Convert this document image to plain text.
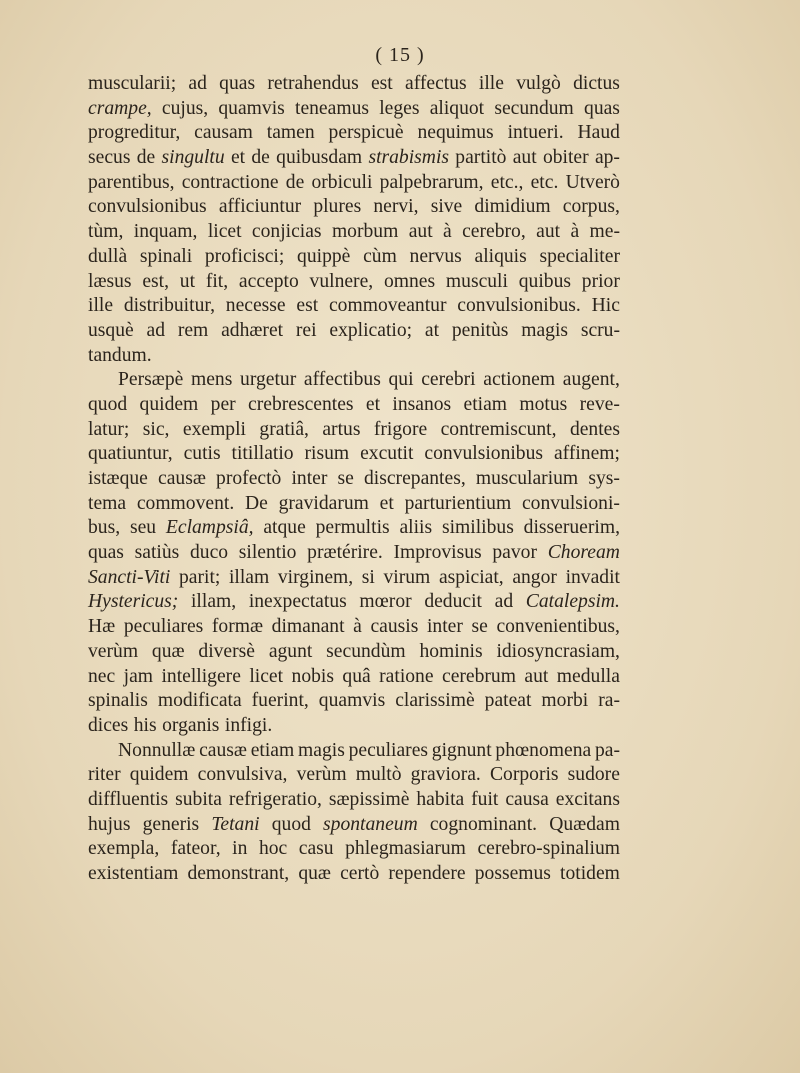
( 15 )
muscularii; ad quas retrahendus est affectus ille vulgò dictus
crampe, cujus, quamvis teneamus leges aliquot secundum quas
progreditur, causam tamen perspicuè nequimus intueri. Haud
secus de singultu et de quibusdam strabismis partitò aut obiter ap-
parentibus, contractione de orbiculi palpebrarum, etc., etc. Utverò
convulsionibus afficiuntur plures nervi, sive dimidium corpus,
tùm, inquam, licet conjicias morbum aut à cerebro, aut à me-
dullà spinali proficisci; quippè cùm nervus aliquis specialiter
læsus est, ut fit, accepto vulnere, omnes musculi quibus prior
ille distribuitur, necesse est commoveantur convulsionibus. Hic
usquè ad rem adhæret rei explicatio; at penitùs magis scru-
tandum.
Persæpè mens urgetur affectibus qui cerebri actionem augent,
quod quidem per crebrescentes et insanos etiam motus reve-
latur; sic, exempli gratiâ, artus frigore contremiscunt, dentes
quatiuntur, cutis titillatio risum excutit convulsionibus affinem;
istæque causæ profectò inter se discrepantes, muscularium sys-
tema commovent. De gravidarum et parturientium convulsioni-
bus, seu Eclampsiâ, atque permultis aliis similibus disseruerim,
quas satiùs duco silentio prætérire. Improvisus pavor Choream
Sancti-Viti parit; illam virginem, si virum aspiciat, angor invadit
Hystericus; illam, inexpectatus mœror deducit ad Catalepsim.
Hæ peculiares formæ dimanant à causis inter se convenientibus,
verùm quæ diversè agunt secundùm hominis idiosyncrasiam,
nec jam intelligere licet nobis quâ ratione cerebrum aut medulla
spinalis modificata fuerint, quamvis clarissimè pateat morbi ra-
dices his organis infigi.
Nonnullæ causæ etiam magis peculiares gignunt phœnomena pa-
riter quidem convulsiva, verùm multò graviora. Corporis sudore
diffluentis subita refrigeratio, sæpissimè habita fuit causa excitans
hujus generis Tetani quod spontaneum cognominant. Quædam
exempla, fateor, in hoc casu phlegmasiarum cerebro-spinalium
existentiam demonstrant, quæ certò rependere possemus totidem
